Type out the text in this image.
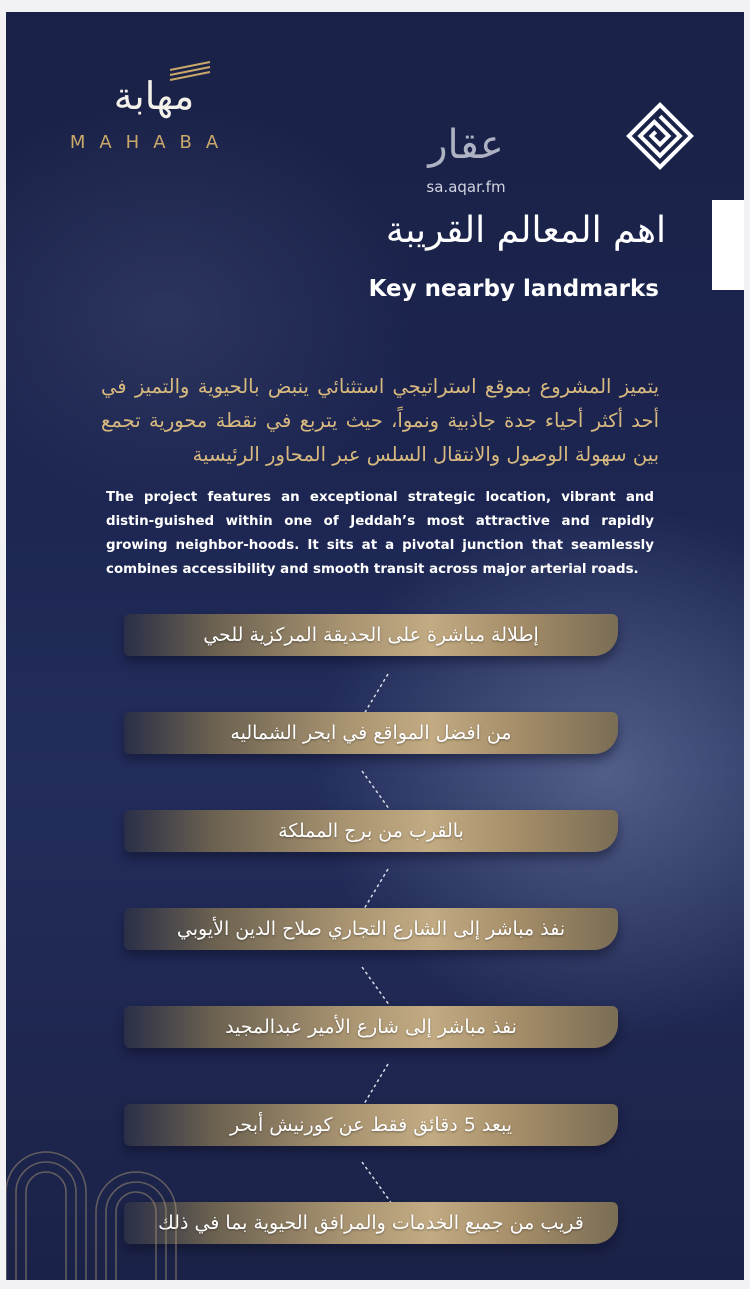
مهابة
MAHABA	عقار
sa.aqar.fm
اهم المعالم القريبة
Key nearby landmarks
يتميز المشروع بموقع استراتيجي استثنائي ينبض بالحيوية والتميز في أحد أكثر أحياء جدة جاذبية ونمواً، حيث يتربع في نقطة محورية تجمع بين سهولة الوصول والانتقال السلس عبر المحاور الرئيسية
The project features an exceptional strategic location, vibrant and distin-guished within one of Jeddah’s most attractive and rapidly growing neighbor-hoods. It sits at a pivotal junction that seamlessly combines accessibility and smooth transit across major arterial roads.
إطلالة مباشرة على الحديقة المركزية للحي
من افضل المواقع في ابحر الشماليه
بالقرب من برج المملكة
نفذ مباشر إلى الشارع التجاري صلاح الدين الأيوبي
نفذ مباشر إلى شارع الأمير عبدالمجيد
يبعد 5 دقائق فقط عن كورنيش أبحر
قريب من جميع الخدمات والمرافق الحيوية بما في ذلك
